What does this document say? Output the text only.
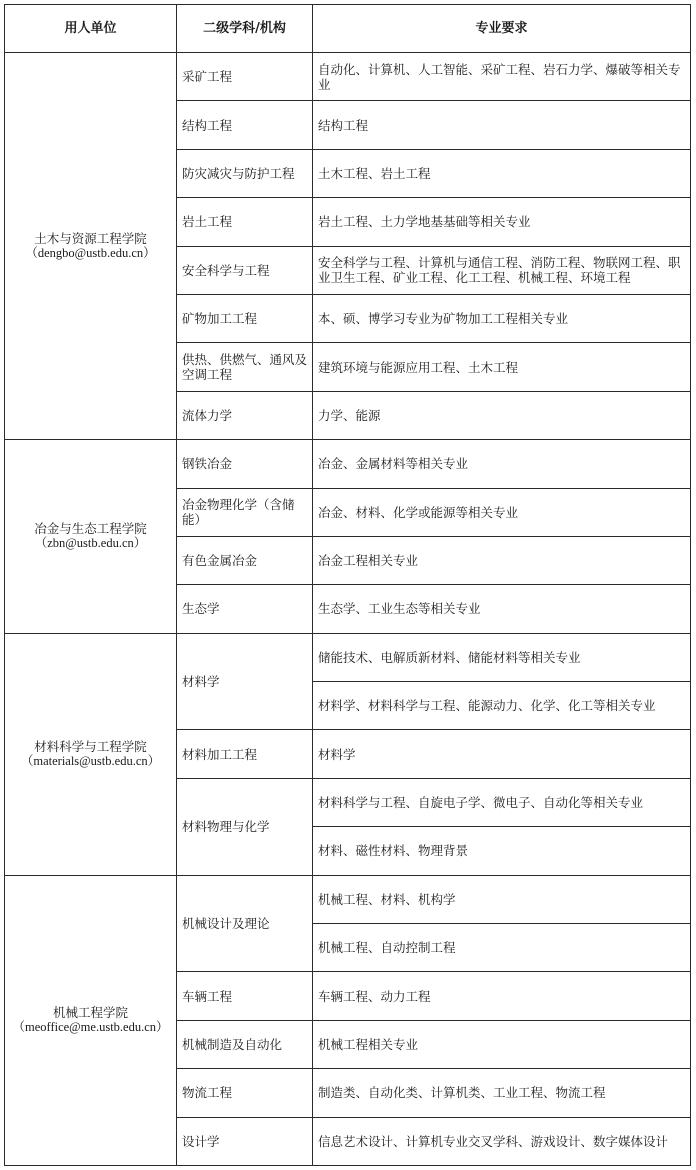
用人单位	二级学科/机构	专业要求

土木与资源工程学院
（dengbo@ustb.edu.cn）	采矿工程	自动化、计算机、人工智能、采矿工程、岩石力学、爆破等相关专业
	结构工程	结构工程
	防灾减灾与防护工程	土木工程、岩土工程
	岩土工程	岩土工程、土力学地基基础等相关专业
	安全科学与工程	安全科学与工程、计算机与通信工程、消防工程、物联网工程、职业卫生工程、矿业工程、化工工程、机械工程、环境工程
	矿物加工工程	本、硕、博学习专业为矿物加工工程相关专业
	供热、供燃气、通风及空调工程	建筑环境与能源应用工程、土木工程
	流体力学	力学、能源

冶金与生态工程学院
（zbn@ustb.edu.cn）	钢铁冶金	冶金、金属材料等相关专业
	冶金物理化学（含储能）	冶金、材料、化学或能源等相关专业
	有色金属冶金	冶金工程相关专业
	生态学	生态学、工业生态等相关专业

材料科学与工程学院
（materials@ustb.edu.cn）	材料学	储能技术、电解质新材料、储能材料等相关专业
		材料学、材料科学与工程、能源动力、化学、化工等相关专业
	材料加工工程	材料学
	材料物理与化学	材料科学与工程、自旋电子学、微电子、自动化等相关专业
		材料、磁性材料、物理背景

机械工程学院
（meoffice@me.ustb.edu.cn）	机械设计及理论	机械工程、材料、机构学
		机械工程、自动控制工程
	车辆工程	车辆工程、动力工程
	机械制造及自动化	机械工程相关专业
	物流工程	制造类、自动化类、计算机类、工业工程、物流工程
	设计学	信息艺术设计、计算机专业交叉学科、游戏设计、数字媒体设计
